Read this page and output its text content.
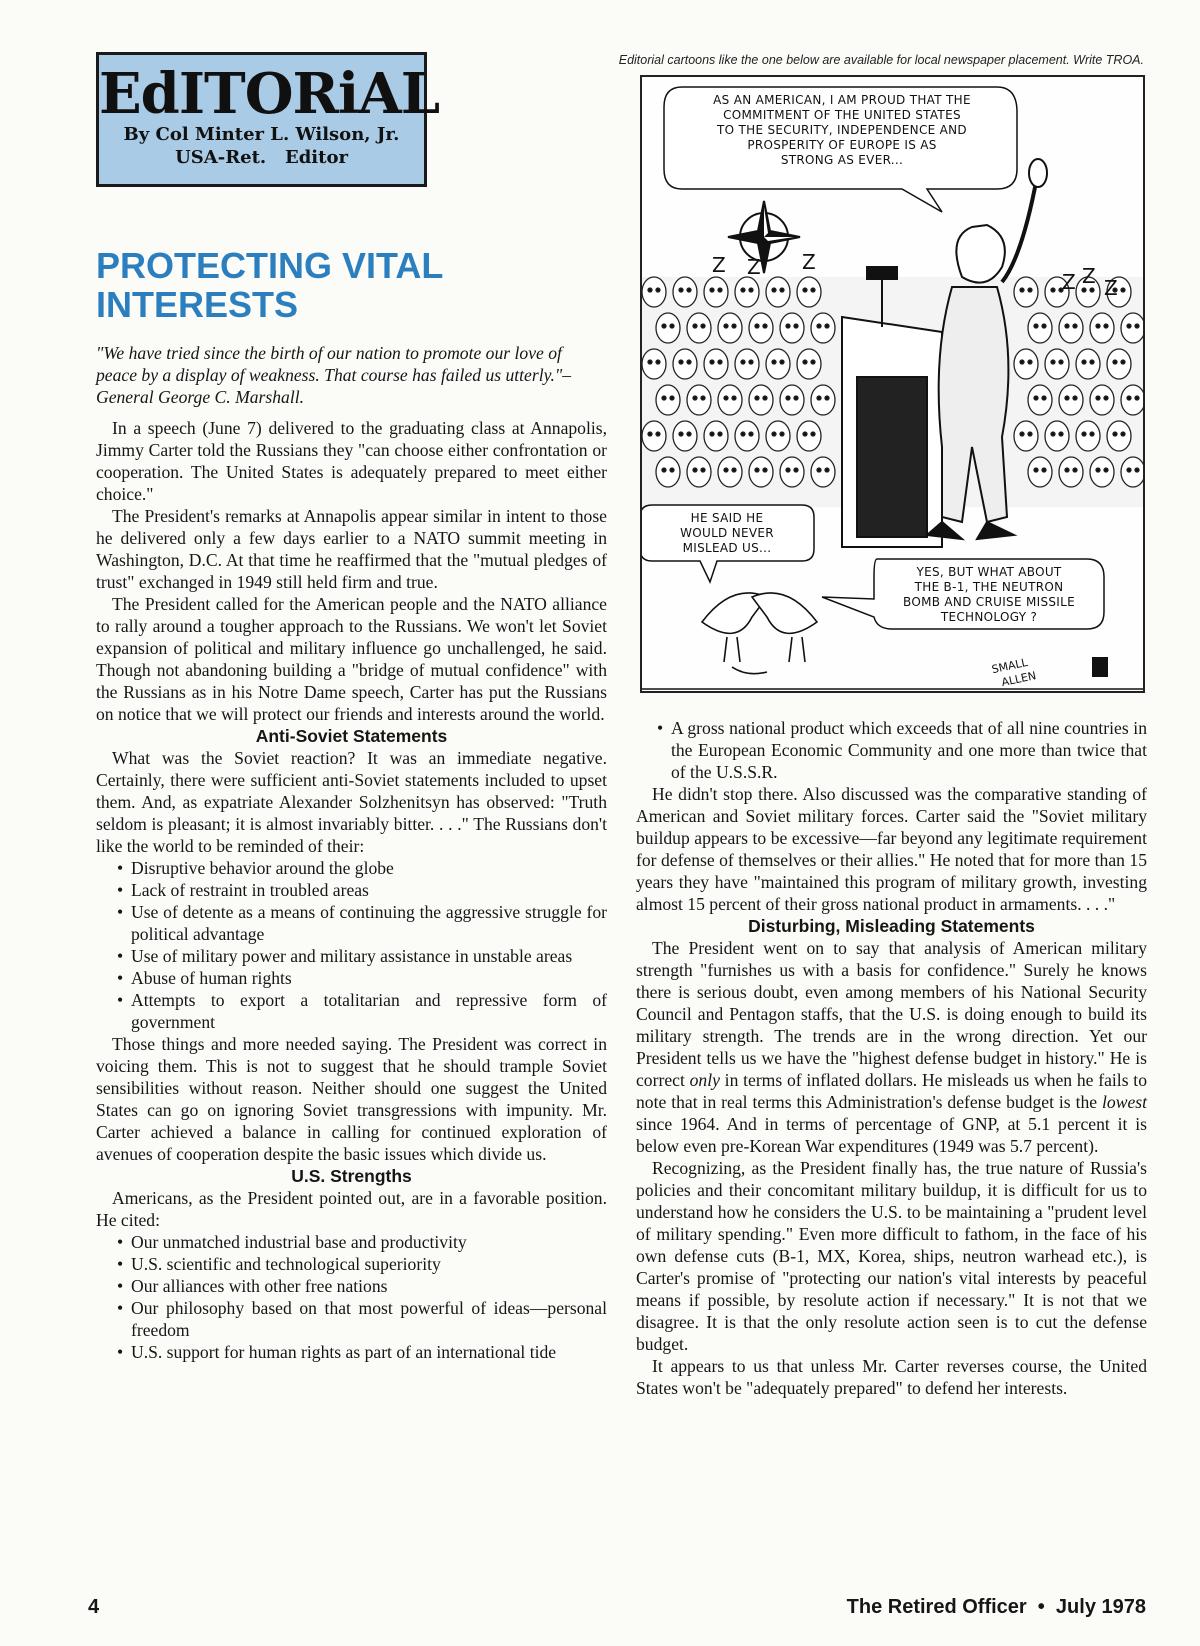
EdITORiAL
By Col Minter L. Wilson, Jr.
USA-Ret.   Editor
Editorial cartoons like the one below are available for local newspaper placement. Write TROA.
Z Z Z
Z Z Z
SMALL
ALLEN
AS AN AMERICAN, I AM PROUD THAT THE
COMMITMENT OF THE UNITED STATES
TO THE SECURITY, INDEPENDENCE AND
PROSPERITY OF EUROPE IS AS
STRONG AS EVER...
HE SAID HE
WOULD NEVER
MISLEAD US...
YES, BUT WHAT ABOUT
THE B-1, THE NEUTRON
BOMB AND CRUISE MISSILE
TECHNOLOGY ?
PROTECTING VITAL INTERESTS

"We have tried since the birth of our nation to promote our love of peace by a display of weakness. That course has failed us utterly."–General George C. Marshall.

In a speech (June 7) delivered to the graduating class at Annapolis, Jimmy Carter told the Russians they "can choose either confrontation or cooperation. The United States is adequately prepared to meet either choice."

The President's remarks at Annapolis appear similar in intent to those he delivered only a few days earlier to a NATO summit meeting in Washington, D.C. At that time he reaffirmed that the "mutual pledges of trust" exchanged in 1949 still held firm and true.

The President called for the American people and the NATO alliance to rally around a tougher approach to the Russians. We won't let Soviet expansion of political and military influence go unchallenged, he said. Though not abandoning building a "bridge of mutual confidence" with the Russians as in his Notre Dame speech, Carter has put the Russians on notice that we will protect our friends and interests around the world.

Anti-Soviet Statements

What was the Soviet reaction? It was an immediate negative. Certainly, there were sufficient anti-Soviet statements included to upset them. And, as expatriate Alexander Solzhenitsyn has observed: "Truth seldom is pleasant; it is almost invariably bitter. . . ." The Russians don't like the world to be reminded of their:

• Disruptive behavior around the globe
• Lack of restraint in troubled areas
• Use of detente as a means of continuing the aggressive struggle for political advantage
• Use of military power and military assistance in unstable areas
• Abuse of human rights
• Attempts to export a totalitarian and repressive form of government

Those things and more needed saying. The President was correct in voicing them. This is not to suggest that he should trample Soviet sensibilities without reason. Neither should one suggest the United States can go on ignoring Soviet transgressions with impunity. Mr. Carter achieved a balance in calling for continued exploration of avenues of cooperation despite the basic issues which divide us.

U.S. Strengths

Americans, as the President pointed out, are in a favorable position. He cited:

• Our unmatched industrial base and productivity
• U.S. scientific and technological superiority
• Our alliances with other free nations
• Our philosophy based on that most powerful of ideas—personal freedom
• U.S. support for human rights as part of an international tide
• A gross national product which exceeds that of all nine countries in the European Economic Community and one more than twice that of the U.S.S.R.

He didn't stop there. Also discussed was the comparative standing of American and Soviet military forces. Carter said the "Soviet military buildup appears to be excessive—far beyond any legitimate requirement for defense of themselves or their allies." He noted that for more than 15 years they have "maintained this program of military growth, investing almost 15 percent of their gross national product in armaments. . . ."

Disturbing, Misleading Statements

The President went on to say that analysis of American military strength "furnishes us with a basis for confidence." Surely he knows there is serious doubt, even among members of his National Security Council and Pentagon staffs, that the U.S. is doing enough to build its military strength. The trends are in the wrong direction. Yet our President tells us we have the "highest defense budget in history." He is correct only in terms of inflated dollars. He misleads us when he fails to note that in real terms this Administration's defense budget is the lowest since 1964. And in terms of percentage of GNP, at 5.1 percent it is below even pre-Korean War expenditures (1949 was 5.7 percent).

Recognizing, as the President finally has, the true nature of Russia's policies and their concomitant military buildup, it is difficult for us to understand how he considers the U.S. to be maintaining a "prudent level of military spending." Even more difficult to fathom, in the face of his own defense cuts (B-1, MX, Korea, ships, neutron warhead etc.), is Carter's promise of "protecting our nation's vital interests by peaceful means if possible, by resolute action if necessary." It is not that we disagree. It is that the only resolute action seen is to cut the defense budget.

It appears to us that unless Mr. Carter reverses course, the United States won't be "adequately prepared" to defend her interests.

4	The Retired Officer  •  July 1978
